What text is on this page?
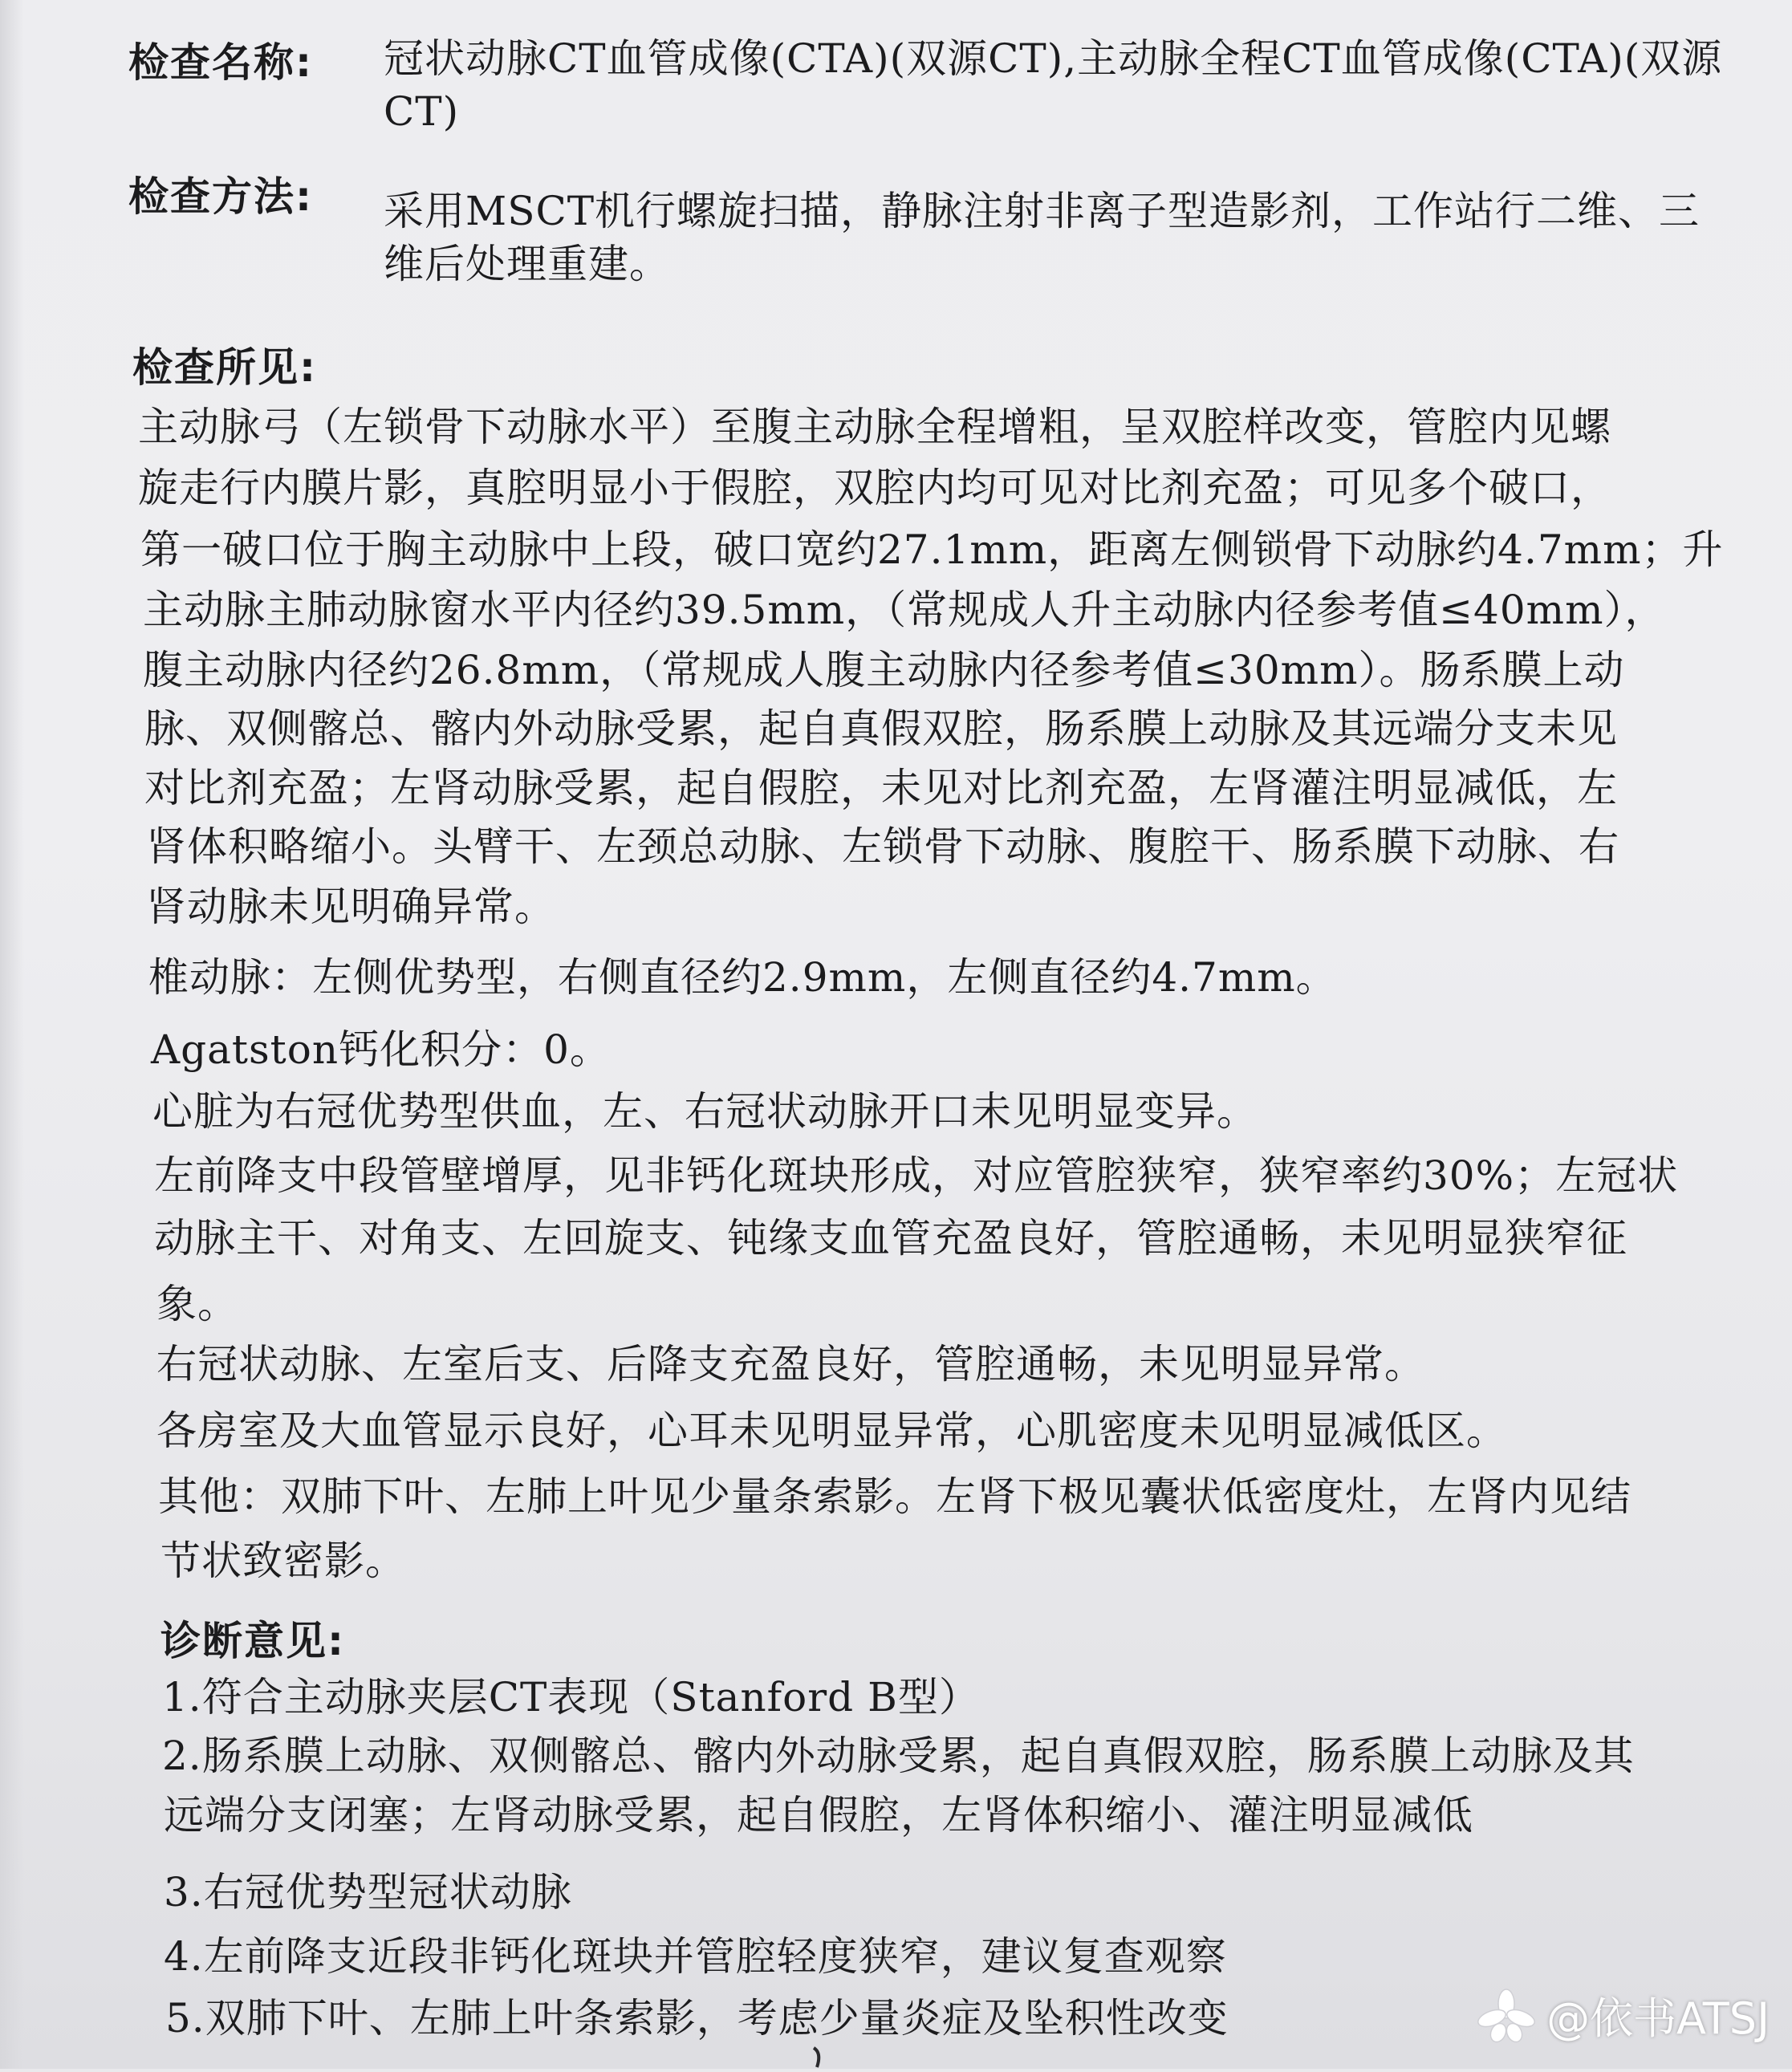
检查名称: 冠状动脉CT血管成像(CTA)(双源CT),主动脉全程CT血管成像(CTA)(双源CT)
检查方法: 采用MSCT机行螺旋扫描，静脉注射非离子型造影剂，工作站行二维、三维后处理重建。
检查所见:
主动脉弓（左锁骨下动脉水平）至腹主动脉全程增粗，呈双腔样改变，管腔内见螺
旋走行内膜片影，真腔明显小于假腔，双腔内均可见对比剂充盈；可见多个破口，
第一破口位于胸主动脉中上段，破口宽约27.1mm，距离左侧锁骨下动脉约4.7mm；升
主动脉主肺动脉窗水平内径约39.5mm，（常规成人升主动脉内径参考值≤40mm），
腹主动脉内径约26.8mm，（常规成人腹主动脉内径参考值≤30mm）。肠系膜上动
脉、双侧髂总、髂内外动脉受累，起自真假双腔，肠系膜上动脉及其远端分支未见
对比剂充盈；左肾动脉受累，起自假腔，未见对比剂充盈，左肾灌注明显减低，左
肾体积略缩小。头臂干、左颈总动脉、左锁骨下动脉、腹腔干、肠系膜下动脉、右
肾动脉未见明确异常。
椎动脉：左侧优势型，右侧直径约2.9mm，左侧直径约4.7mm。
Agatston钙化积分：0。
心脏为右冠优势型供血，左、右冠状动脉开口未见明显变异。
左前降支中段管壁增厚，见非钙化斑块形成，对应管腔狭窄，狭窄率约30%；左冠状
动脉主干、对角支、左回旋支、钝缘支血管充盈良好，管腔通畅，未见明显狭窄征
象。
右冠状动脉、左室后支、后降支充盈良好，管腔通畅，未见明显异常。
各房室及大血管显示良好，心耳未见明显异常，心肌密度未见明显减低区。
其他：双肺下叶、左肺上叶见少量条索影。左肾下极见囊状低密度灶，左肾内见结
节状致密影。
诊断意见:
1.符合主动脉夹层CT表现（Stanford B型）
2.肠系膜上动脉、双侧髂总、髂内外动脉受累，起自真假双腔，肠系膜上动脉及其
远端分支闭塞；左肾动脉受累，起自假腔，左肾体积缩小、灌注明显减低
3.右冠优势型冠状动脉
4.左前降支近段非钙化斑块并管腔轻度狭窄，建议复查观察
5.双肺下叶、左肺上叶条索影，考虑少量炎症及坠积性改变	@依书ATSJ
